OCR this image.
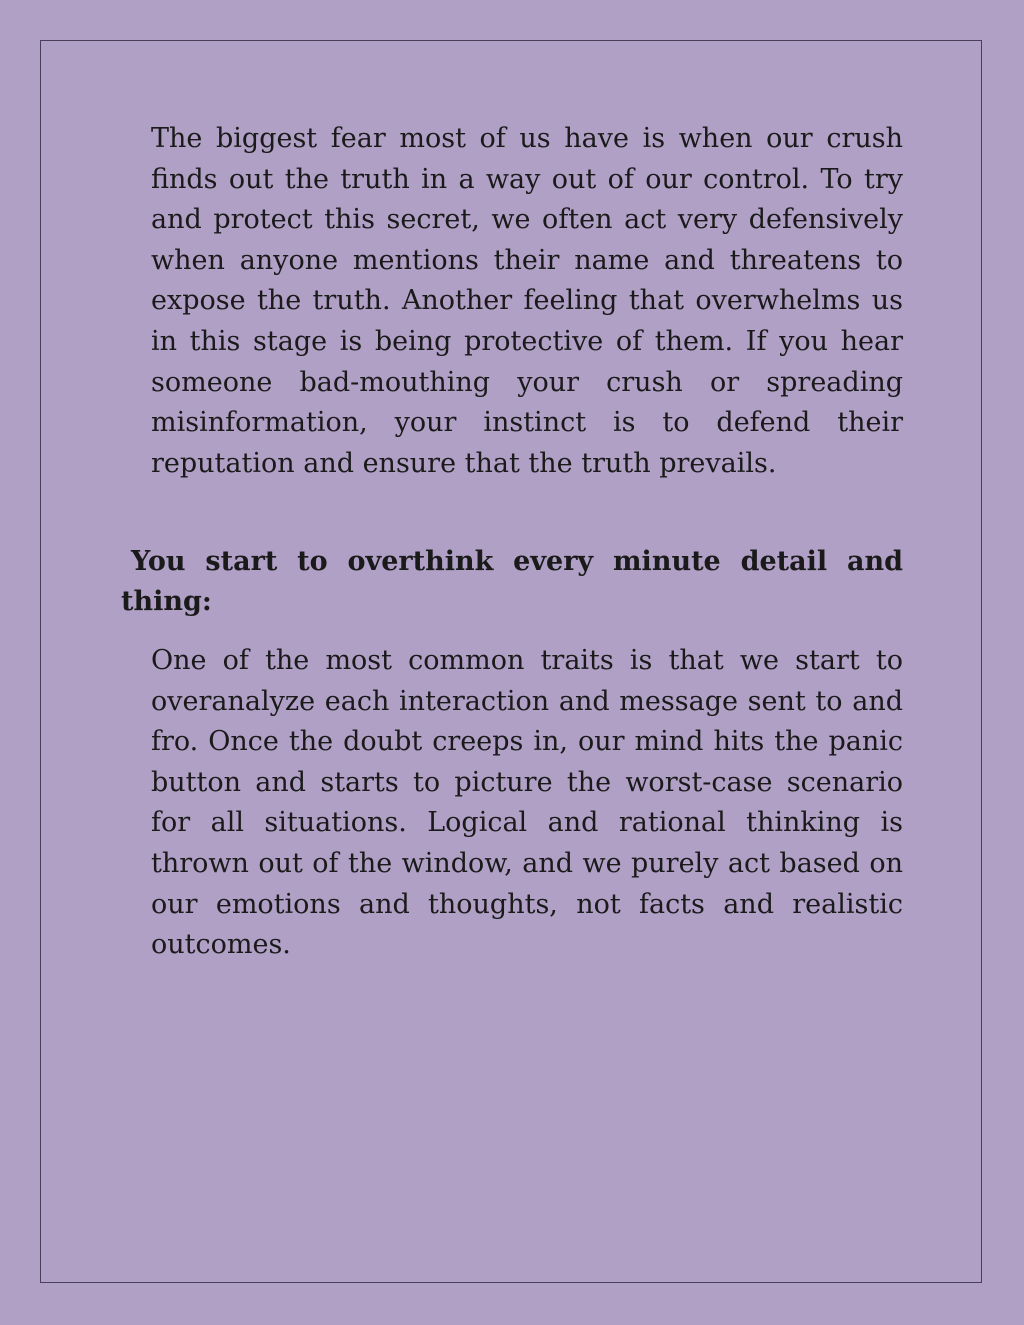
The biggest fear most of us have is when our crush finds out the truth in a way out of our control. To try and protect this secret, we often act very defensively when anyone mentions their name and threatens to expose the truth. Another feeling that overwhelms us in this stage is being protective of them. If you hear someone bad-mouthing your crush or spreading misinformation, your instinct is to defend their reputation and ensure that the truth prevails.

You start to overthink every minute detail and thing:

One of the most common traits is that we start to overanalyze each interaction and message sent to and fro. Once the doubt creeps in, our mind hits the panic button and starts to picture the worst-case scenario for all situations. Logical and rational thinking is thrown out of the window, and we purely act based on our emotions and thoughts, not facts and realistic outcomes.
